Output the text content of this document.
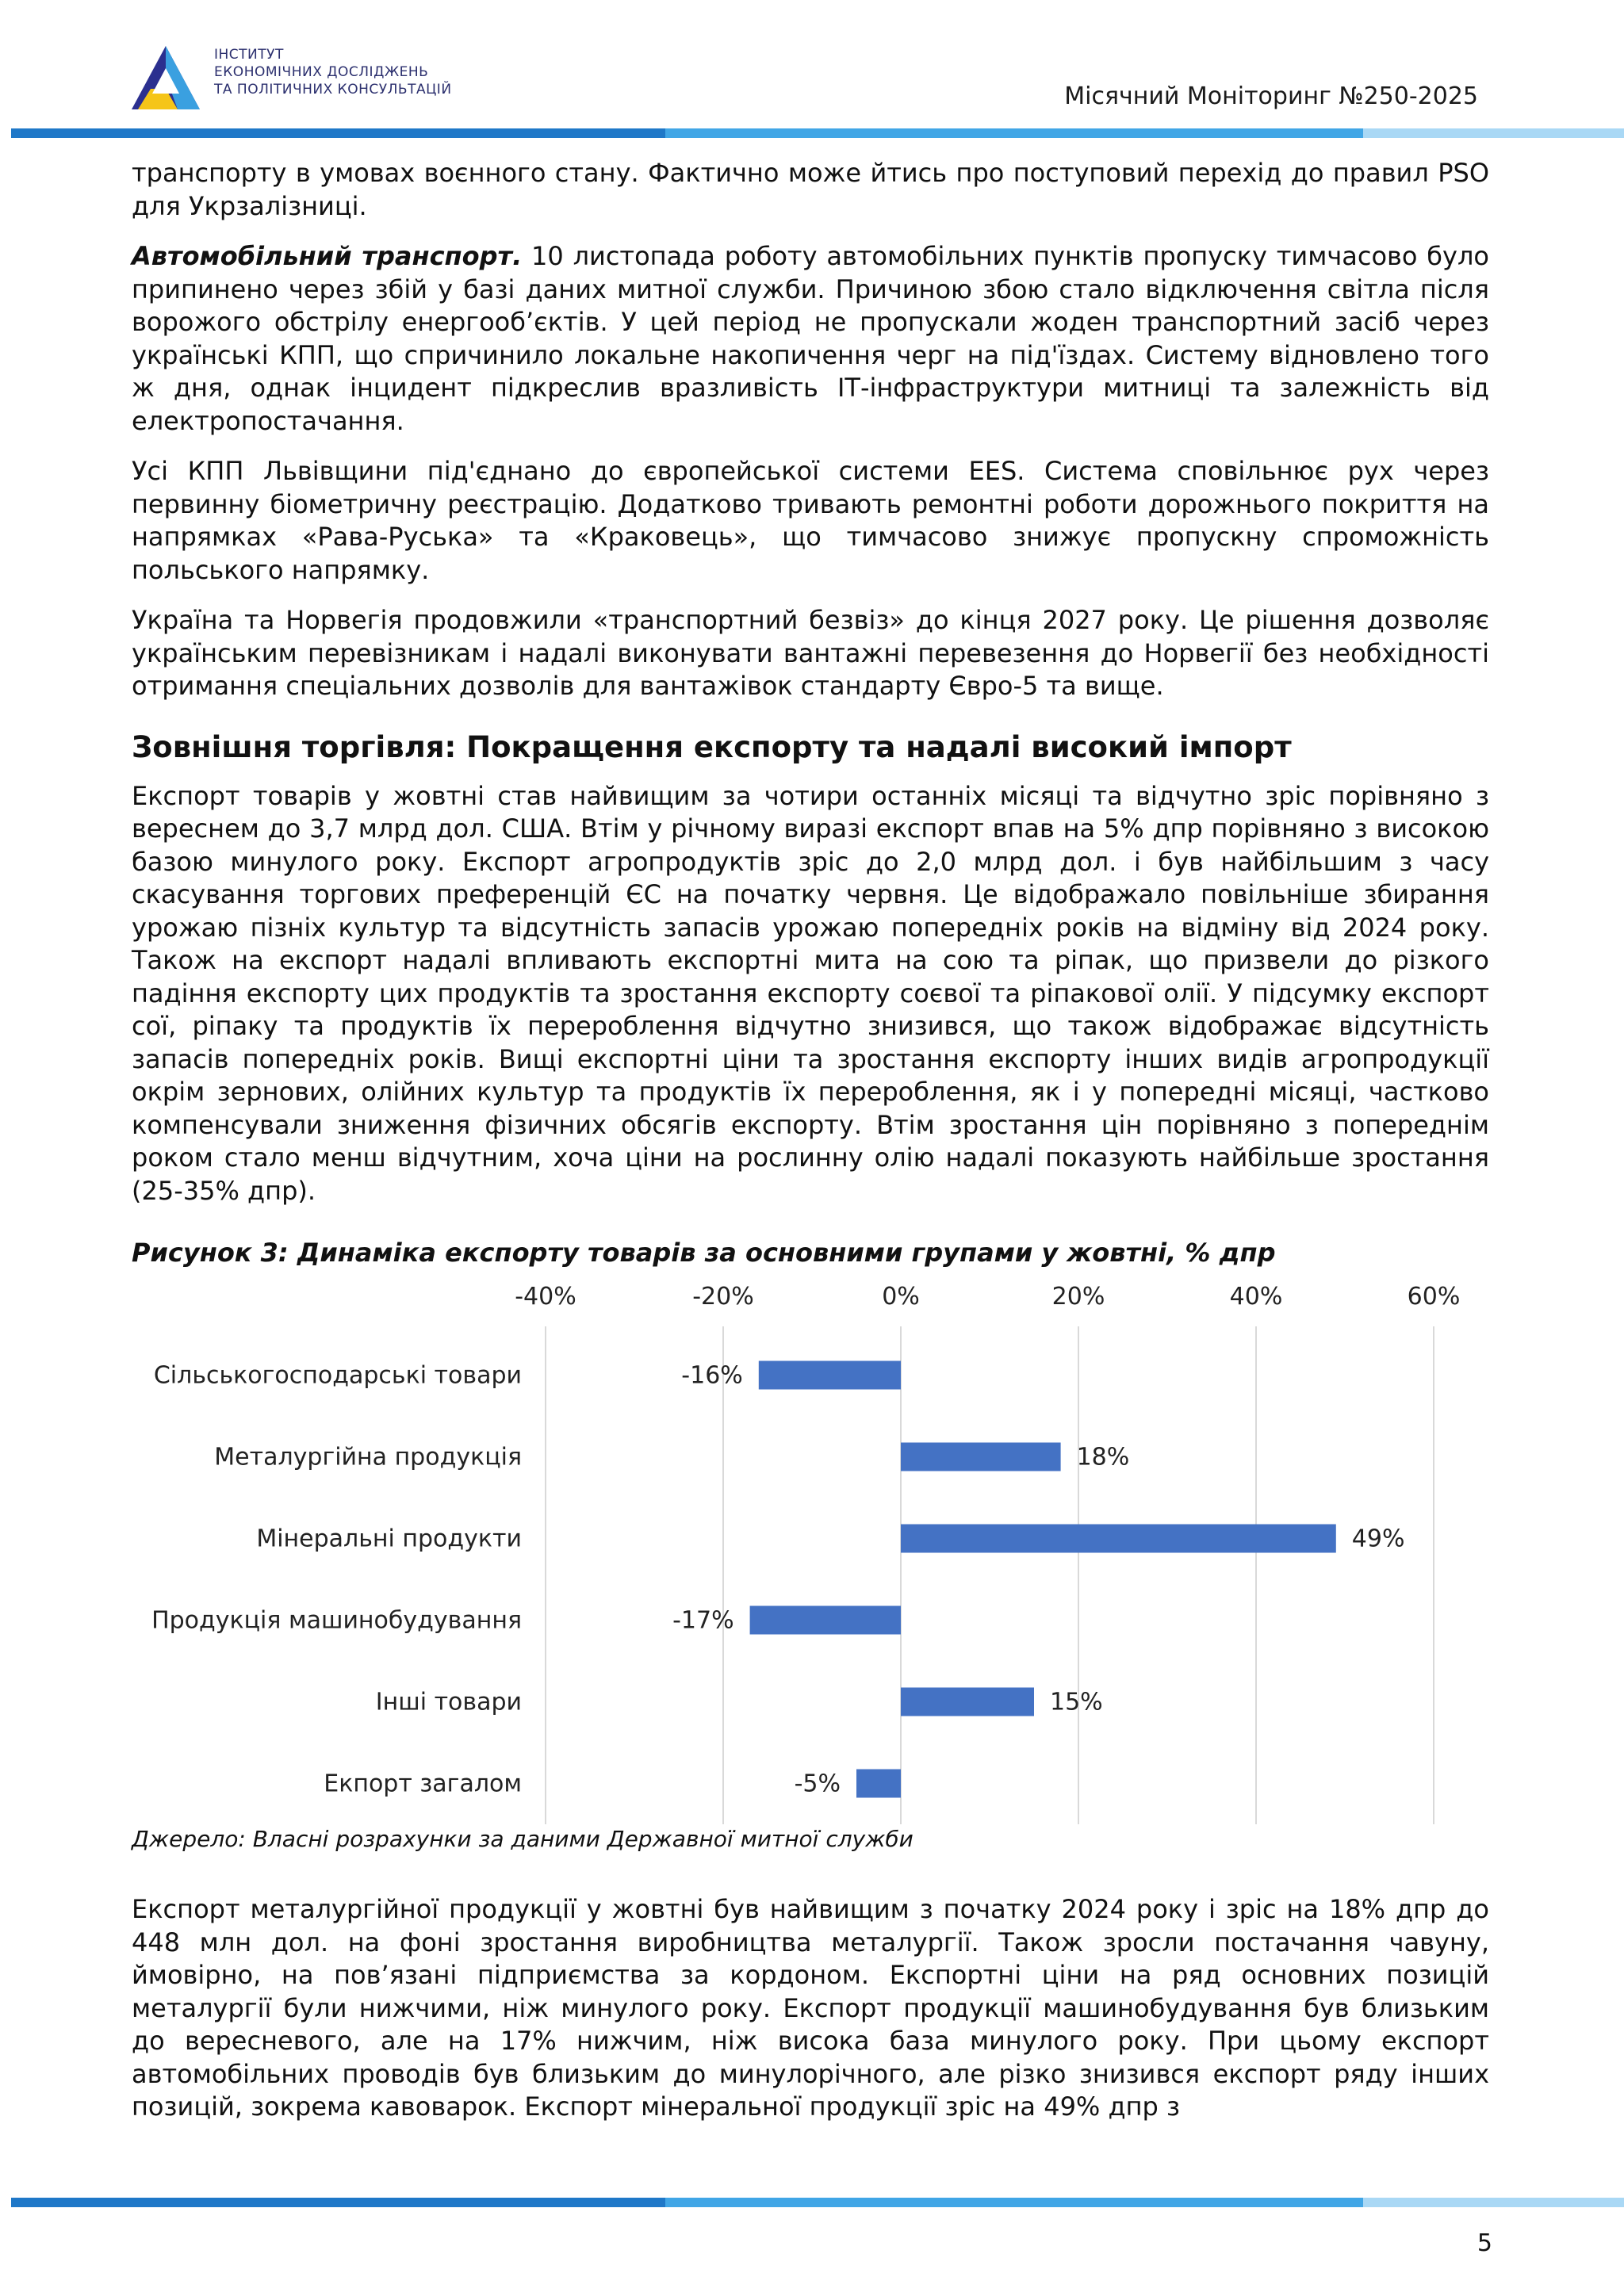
ІНСТИТУТ
ЕКОНОМІЧНИХ ДОСЛІДЖЕНЬ
ТА ПОЛІТИЧНИХ КОНСУЛЬТАЦІЙ	Місячний Моніторинг №250-2025

транспорту в умовах воєнного стану. Фактично може йтись про поступовий перехід до правил PSO для Укрзалізниці.

Автомобільний транспорт. 10 листопада роботу автомобільних пунктів пропуску тимчасово було припинено через збій у базі даних митної служби. Причиною збою стало відключення світла після ворожого обстрілу енергооб’єктів. У цей період не пропускали жоден транспортний засіб через українські КПП, що спричинило локальне накопичення черг на під'їздах. Систему відновлено того ж дня, однак інцидент підкреслив вразливість ІТ-інфраструктури митниці та залежність від електропостачання.

Усі КПП Львівщини під'єднано до європейської системи EES. Система сповільнює рух через первинну біометричну реєстрацію. Додатково тривають ремонтні роботи дорожнього покриття на напрямках «Рава-Руська» та «Краковець», що тимчасово знижує пропускну спроможність польського напрямку.

Україна та Норвегія продовжили «транспортний безвіз» до кінця 2027 року. Це рішення дозволяє українським перевізникам і надалі виконувати вантажні перевезення до Норвегії без необхідності отримання спеціальних дозволів для вантажівок стандарту Євро-5 та вище.

Зовнішня торгівля: Покращення експорту та надалі високий імпорт

Експорт товарів у жовтні став найвищим за чотири останніх місяці та відчутно зріс порівняно з вереснем до 3,7 млрд дол. США. Втім у річному виразі експорт впав на 5% дпр порівняно з високою базою минулого року. Експорт агропродуктів зріс до 2,0 млрд дол. і був найбільшим з часу скасування торгових преференцій ЄС на початку червня. Це відображало повільніше збирання урожаю пізніх культур та відсутність запасів урожаю попередніх років на відміну від 2024 року. Також на експорт надалі впливають експортні мита на сою та ріпак, що призвели до різкого падіння експорту цих продуктів та зростання експорту соєвої та ріпакової олії. У підсумку експорт сої, ріпаку та продуктів їх перероблення відчутно знизився, що також відображає відсутність запасів попередніх років. Вищі експортні ціни та зростання експорту інших видів агропродукції окрім зернових, олійних культур та продуктів їх перероблення, як і у попередні місяці, частково компенсували зниження фізичних обсягів експорту. Втім зростання цін порівняно з попереднім роком стало менш відчутним, хоча ціни на рослинну олію надалі показують найбільше зростання (25-35% дпр).

Рисунок 3: Динаміка експорту товарів за основними групами у жовтні, % дпр
-40%	-20%	0%	20%	40%	60%
Сільськогосподарські товари	-16%
Металургійна продукція	18%
Мінеральні продукти	49%
Продукція машинобудування	-17%
Інші товари	15%
Екпорт загалом	-5%
Джерело: Власні розрахунки за даними Державної митної служби

Експорт металургійної продукції у жовтні був найвищим з початку 2024 року і зріс на 18% дпр до 448 млн дол. на фоні зростання виробництва металургії. Також зросли постачання чавуну, ймовірно, на пов’язані підприємства за кордоном. Експортні ціни на ряд основних позицій металургії були нижчими, ніж минулого року. Експорт продукції машинобудування був близьким до вересневого, але на 17% нижчим, ніж висока база минулого року. При цьому експорт автомобільних проводів був близьким до минулорічного, але різко знизився експорт ряду інших позицій, зокрема кавоварок. Експорт мінеральної продукції зріс на 49% дпр з

5
